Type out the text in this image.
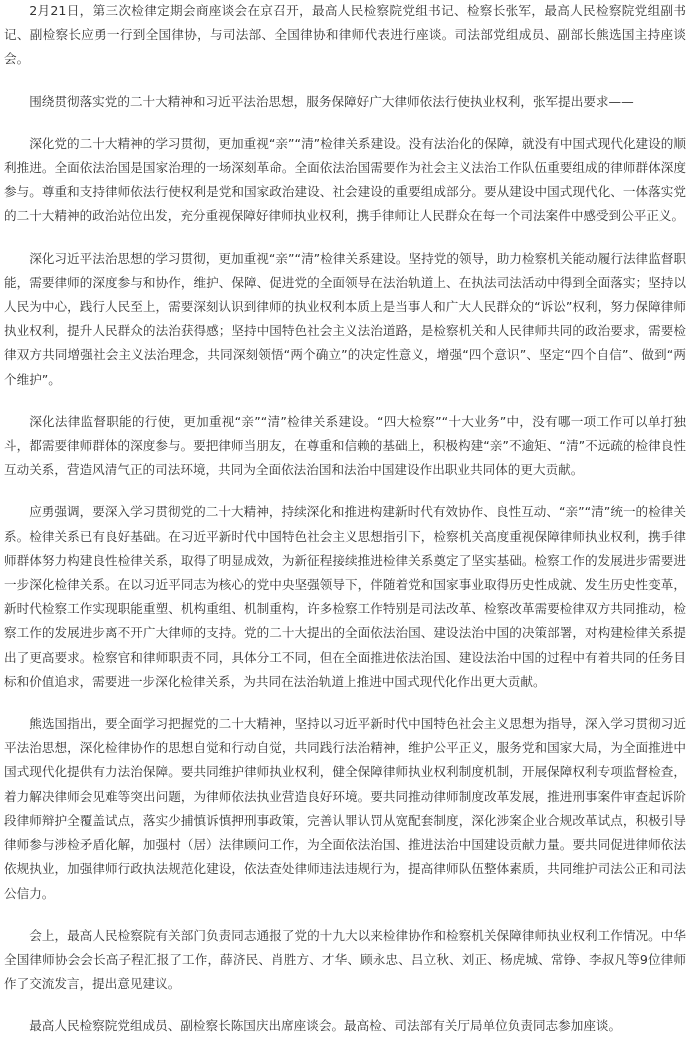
2月21日，第三次检律定期会商座谈会在京召开，最高人民检察院党组书记、检察长张军，最高人民检察院党组副书记、副检察长应勇一行到全国律协，与司法部、全国律协和律师代表进行座谈。司法部党组成员、副部长熊选国主持座谈会。

围绕贯彻落实党的二十大精神和习近平法治思想，服务保障好广大律师依法行使执业权利，张军提出要求——

深化党的二十大精神的学习贯彻，更加重视“亲”“清”检律关系建设。没有法治化的保障，就没有中国式现代化建设的顺利推进。全面依法治国是国家治理的一场深刻革命。全面依法治国需要作为社会主义法治工作队伍重要组成的律师群体深度参与。尊重和支持律师依法行使权利是党和国家政治建设、社会建设的重要组成部分。要从建设中国式现代化、一体落实党的二十大精神的政治站位出发，充分重视保障好律师执业权利，携手律师让人民群众在每一个司法案件中感受到公平正义。

深化习近平法治思想的学习贯彻，更加重视“亲”“清”检律关系建设。坚持党的领导，助力检察机关能动履行法律监督职能，需要律师的深度参与和协作，维护、保障、促进党的全面领导在法治轨道上、在执法司法活动中得到全面落实；坚持以人民为中心，践行人民至上，需要深刻认识到律师的执业权利本质上是当事人和广大人民群众的“诉讼”权利，努力保障律师执业权利，提升人民群众的法治获得感；坚持中国特色社会主义法治道路，是检察机关和人民律师共同的政治要求，需要检律双方共同增强社会主义法治理念，共同深刻领悟“两个确立”的决定性意义，增强“四个意识”、坚定“四个自信”、做到“两个维护”。

深化法律监督职能的行使，更加重视“亲”“清”检律关系建设。“四大检察”“十大业务”中，没有哪一项工作可以单打独斗，都需要律师群体的深度参与。要把律师当朋友，在尊重和信赖的基础上，积极构建“亲”不逾矩、“清”不远疏的检律良性互动关系，营造风清气正的司法环境，共同为全面依法治国和法治中国建设作出职业共同体的更大贡献。

应勇强调，要深入学习贯彻党的二十大精神，持续深化和推进构建新时代有效协作、良性互动、“亲”“清”统一的检律关系。检律关系已有良好基础。在习近平新时代中国特色社会主义思想指引下，检察机关高度重视保障律师执业权利，携手律师群体努力构建良性检律关系，取得了明显成效，为新征程接续推进检律关系奠定了坚实基础。检察工作的发展进步需要进一步深化检律关系。在以习近平同志为核心的党中央坚强领导下，伴随着党和国家事业取得历史性成就、发生历史性变革，新时代检察工作实现职能重塑、机构重组、机制重构，许多检察工作特别是司法改革、检察改革需要检律双方共同推动，检察工作的发展进步离不开广大律师的支持。党的二十大提出的全面依法治国、建设法治中国的决策部署，对构建检律关系提出了更高要求。检察官和律师职责不同，具体分工不同，但在全面推进依法治国、建设法治中国的过程中有着共同的任务目标和价值追求，需要进一步深化检律关系，为共同在法治轨道上推进中国式现代化作出更大贡献。

熊选国指出，要全面学习把握党的二十大精神，坚持以习近平新时代中国特色社会主义思想为指导，深入学习贯彻习近平法治思想，深化检律协作的思想自觉和行动自觉，共同践行法治精神，维护公平正义，服务党和国家大局，为全面推进中国式现代化提供有力法治保障。要共同维护律师执业权利，健全保障律师执业权利制度机制，开展保障权利专项监督检查，着力解决律师会见难等突出问题，为律师依法执业营造良好环境。要共同推动律师制度改革发展，推进刑事案件审查起诉阶段律师辩护全覆盖试点，落实少捕慎诉慎押刑事政策，完善认罪认罚从宽配套制度，深化涉案企业合规改革试点，积极引导律师参与涉检矛盾化解，加强村（居）法律顾问工作，为全面依法治国、推进法治中国建设贡献力量。要共同促进律师依法依规执业，加强律师行政执法规范化建设，依法查处律师违法违规行为，提高律师队伍整体素质，共同维护司法公正和司法公信力。

会上，最高人民检察院有关部门负责同志通报了党的十九大以来检律协作和检察机关保障律师执业权利工作情况。中华全国律师协会会长高子程汇报了工作，薛济民、肖胜方、才华、顾永忠、吕立秋、刘正、杨虎城、常铮、李叔凡等9位律师作了交流发言，提出意见建议。

最高人民检察院党组成员、副检察长陈国庆出席座谈会。最高检、司法部有关厅局单位负责同志参加座谈。
